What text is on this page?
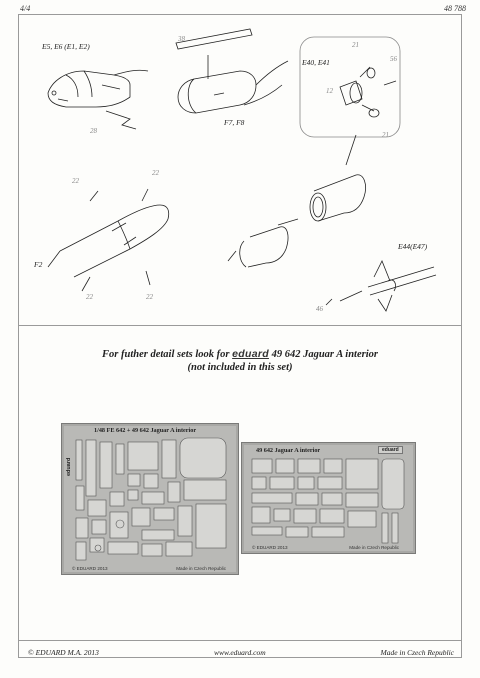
4/4	48 788
E5, E6 (E1, E2)
F7, F8
E40, E41
F2
E44(E47)
28
38
21
56
12
21
22
22
22	22
46
For futher detail sets look for eduard 49 642 Jaguar A interior
(not included in this set)
1/48 FE 642 + 49 642 Jaguar A interior
eduard
© EDUARD 2013	Made in Czech Republic
49 642 Jaguar A interior	eduard
© EDUARD 2013	Made in Czech Republic
© EDUARD M.A. 2013	www.eduard.com	Made in Czech Republic
